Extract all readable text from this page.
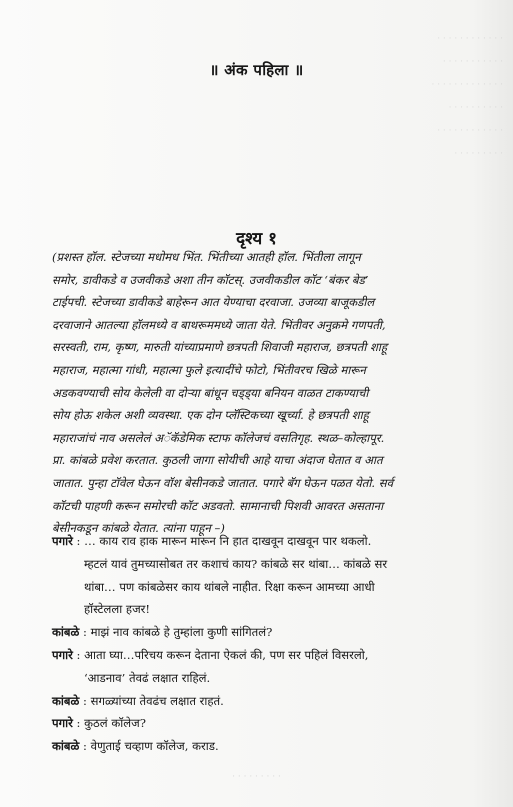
· · · · · · · · · · · ·
· · · · · · · · · · ·
· · · · · · · · · · · · ·
· · · · · · · · · ·
· · · · · · · · · · · ·
· · · · · · · · ·
॥ अंक पहिला ॥
दृश्य १
(प्रशस्त हॉल. स्टेजच्या मधोमध भिंत. भिंतीच्या आतही हॉल. भिंतीला लागून
समोर, डावीकडे व उजवीकडे अशा तीन कॉटस्. उजवीकडील कॉट ‘बंकर बेड’
टाईपची. स्टेजच्या डावीकडे बाहेरून आत येण्याचा दरवाजा. उजव्या बाजूकडील
दरवाजाने आतल्या हॉलमध्ये व बाथरूममध्ये जाता येते. भिंतीवर अनुक्रमे गणपती,
सरस्वती, राम, कृष्ण, मारुती यांच्याप्रमाणे छत्रपती शिवाजी महाराज, छत्रपती शाहू
महाराज, महात्मा गांधी, महात्मा फुले इत्यादींचे फोटो, भिंतीवरच खिळे मारून
अडकवण्याची सोय केलेली वा दोऱ्या बांधून चड्ड्या बनियन वाळत टाकण्याची
सोय होऊ शकेल अशी व्यवस्था. एक दोन प्लॅस्टिकच्या खूर्च्या. हे छत्रपती शाहू
महाराजांचं नाव असलेलं अॅकॅडेमिक स्टाफ कॉलेजचं वसतिगृह. स्थळ–कोल्हापूर.
प्रा. कांबळे प्रवेश करतात. कुठली जागा सोयीची आहे याचा अंदाज घेतात व आत
जातात. पुन्हा टॉवेल घेऊन वॉश बेसीनकडे जातात. पगारे बॅग घेऊन पळत येतो. सर्व
कॉटची पाहणी करून समोरची कॉट अडवतो. सामानाची पिशवी आवरत असताना
बेसीनकडून कांबळे येतात. त्यांना पाहून –)
पगारे : … काय राव हाक मारून मारून नि हात दाखवून दाखवून पार थकलो.
म्हटलं यावं तुमच्यासोबत तर कशाचं काय? कांबळे सर थांबा… कांबळे सर
थांबा… पण कांबळेसर काय थांबले नाहीत. रिक्षा करून आमच्या आधी
हॉस्टेलला हजर!
कांबळे : माझं नाव कांबळे हे तुम्हांला कुणी सांगितलं?
पगारे : आता घ्या…परिचय करून देताना ऐकलं की, पण सर पहिलं विसरलो,
‘आडनाव’ तेवढं लक्षात राहिलं.
कांबळे : सगळ्यांच्या तेवढंच लक्षात राहतं.
पगारे : कुठलं कॉलेज?
कांबळे : वेणुताई चव्हाण कॉलेज, कराड.
· · · · · · · · ·
